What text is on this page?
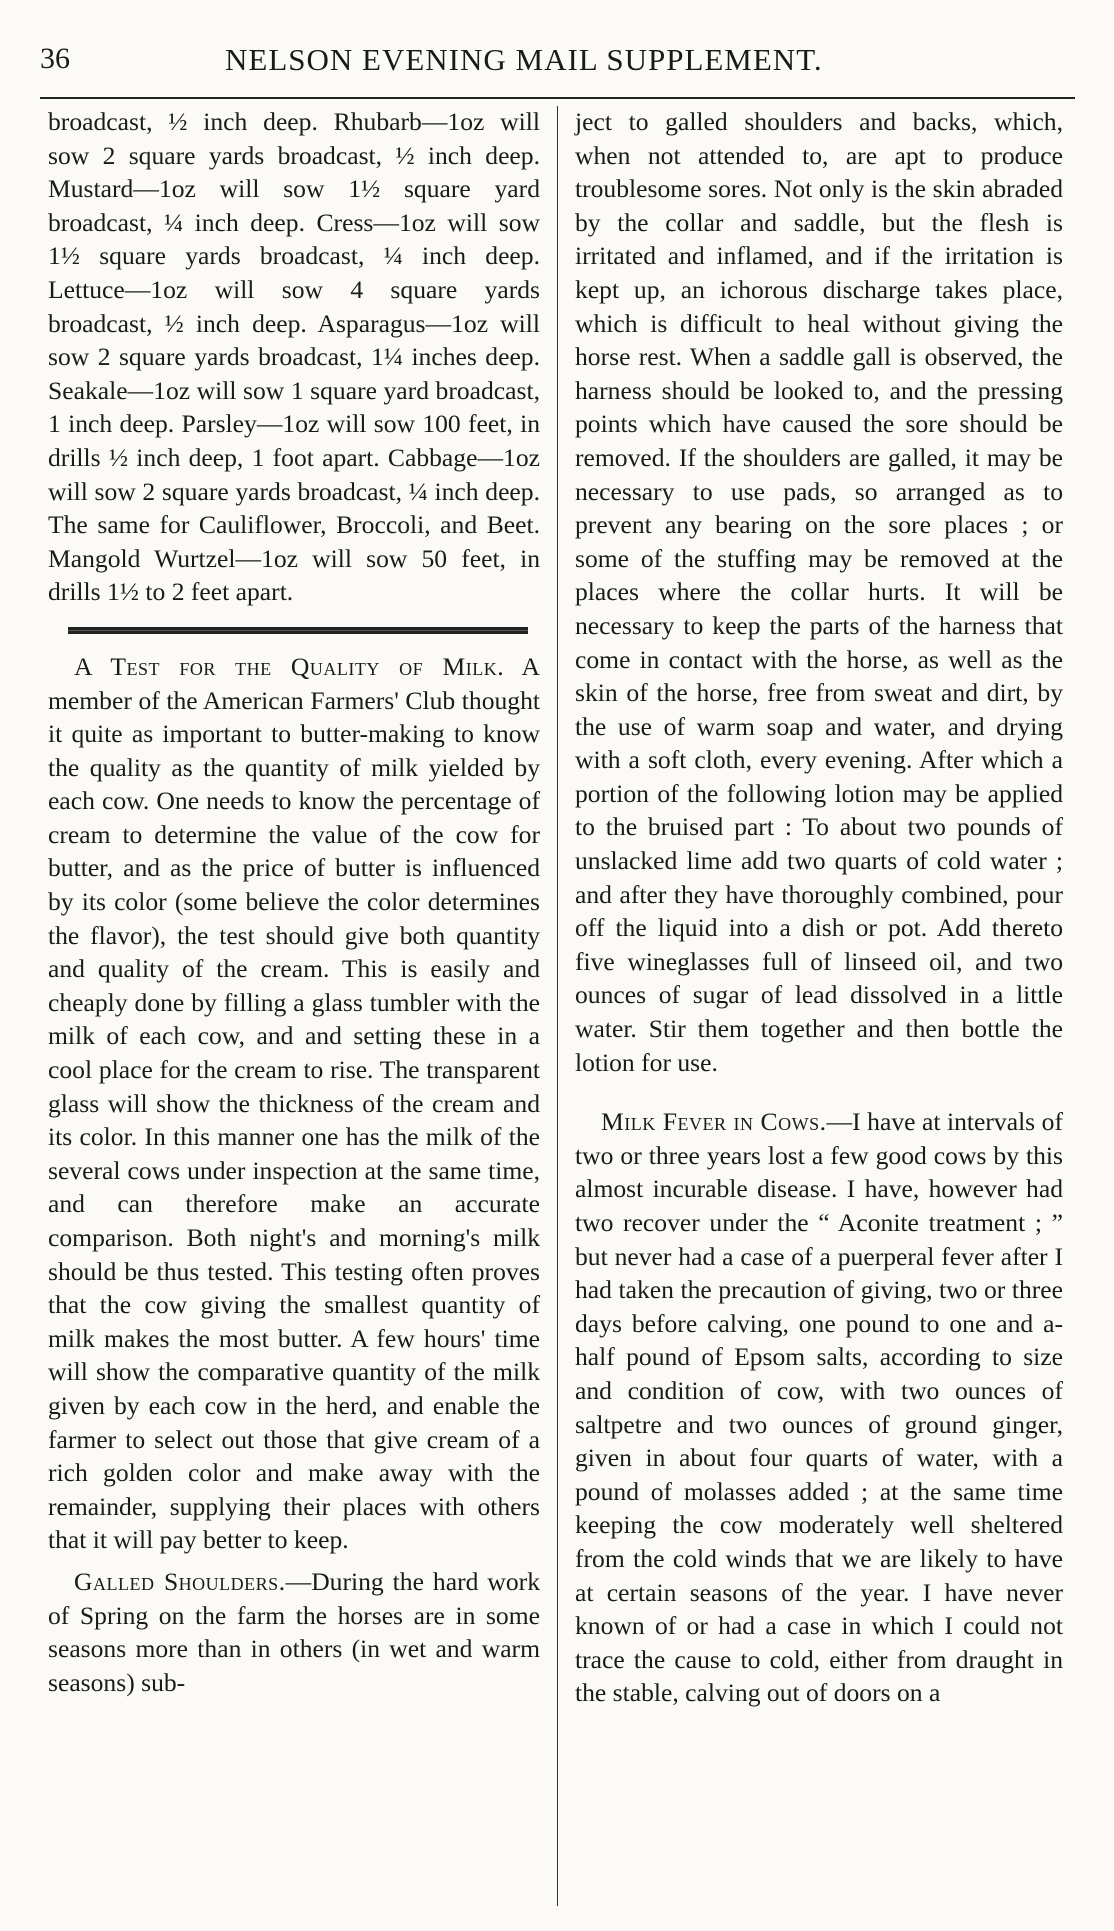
36	NELSON EVENING MAIL SUPPLEMENT.

broadcast, ½ inch deep. Rhubarb—1oz will sow 2 square yards broadcast, ½ inch deep. Mustard—1oz will sow 1½ square yard broadcast, ¼ inch deep. Cress—1oz will sow 1½ square yards broadcast, ¼ inch deep. Lettuce—1oz will sow 4 square yards broadcast, ½ inch deep. Asparagus—1oz will sow 2 square yards broadcast, 1¼ inches deep. Seakale—1oz will sow 1 square yard broadcast, 1 inch deep. Parsley—1oz will sow 100 feet, in drills ½ inch deep, 1 foot apart. Cabbage—1oz will sow 2 square yards broadcast, ¼ inch deep. The same for Cauliflower, Broccoli, and Beet. Mangold Wurtzel—1oz will sow 50 feet, in drills 1½ to 2 feet apart.

A Test for the Quality of Milk. A member of the American Farmers' Club thought it quite as important to butter-making to know the quality as the quantity of milk yielded by each cow. One needs to know the percentage of cream to determine the value of the cow for butter, and as the price of butter is influenced by its color (some believe the color determines the flavor), the test should give both quantity and quality of the cream. This is easily and cheaply done by filling a glass tumbler with the milk of each cow, and and setting these in a cool place for the cream to rise. The transparent glass will show the thickness of the cream and its color. In this manner one has the milk of the several cows under inspection at the same time, and can therefore make an accurate comparison. Both night's and morning's milk should be thus tested. This testing often proves that the cow giving the smallest quantity of milk makes the most butter. A few hours' time will show the comparative quantity of the milk given by each cow in the herd, and enable the farmer to select out those that give cream of a rich golden color and make away with the remainder, supplying their places with others that it will pay better to keep.

Galled Shoulders.—During the hard work of Spring on the farm the horses are in some seasons more than in others (in wet and warm seasons) sub-

ject to galled shoulders and backs, which, when not attended to, are apt to produce troublesome sores. Not only is the skin abraded by the collar and saddle, but the flesh is irritated and inflamed, and if the irritation is kept up, an ichorous discharge takes place, which is difficult to heal without giving the horse rest. When a saddle gall is observed, the harness should be looked to, and the pressing points which have caused the sore should be removed. If the shoulders are galled, it may be necessary to use pads, so arranged as to prevent any bearing on the sore places ; or some of the stuffing may be removed at the places where the collar hurts. It will be necessary to keep the parts of the harness that come in contact with the horse, as well as the skin of the horse, free from sweat and dirt, by the use of warm soap and water, and drying with a soft cloth, every evening. After which a portion of the following lotion may be applied to the bruised part : To about two pounds of unslacked lime add two quarts of cold water ; and after they have thoroughly combined, pour off the liquid into a dish or pot. Add thereto five wineglasses full of linseed oil, and two ounces of sugar of lead dissolved in a little water. Stir them together and then bottle the lotion for use.

Milk Fever in Cows.—I have at intervals of two or three years lost a few good cows by this almost incurable disease. I have, however had two recover under the “ Aconite treatment ; ” but never had a case of a puerperal fever after I had taken the precaution of giving, two or three days before calving, one pound to one and a-half pound of Epsom salts, according to size and condition of cow, with two ounces of saltpetre and two ounces of ground ginger, given in about four quarts of water, with a pound of molasses added ; at the same time keeping the cow moderately well sheltered from the cold winds that we are likely to have at certain seasons of the year. I have never known of or had a case in which I could not trace the cause to cold, either from draught in the stable, calving out of doors on a
